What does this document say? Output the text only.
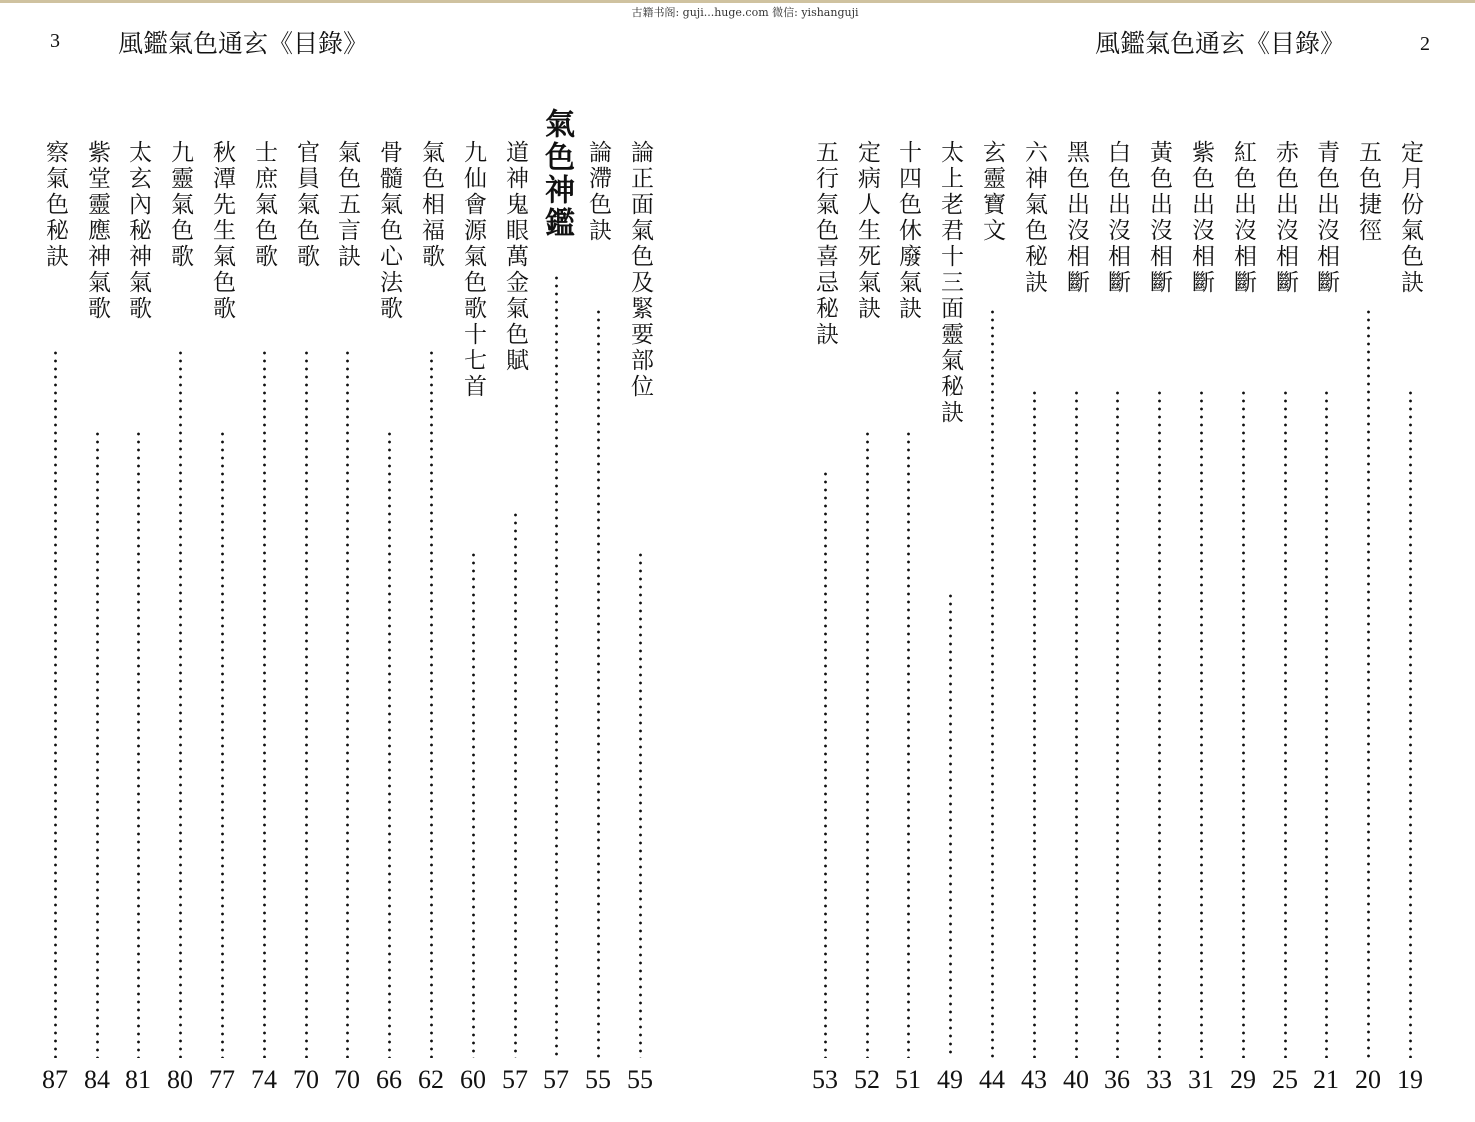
古籍书阁: guji...huge.com 微信: yishanguji
3 風鑑氣色通玄《目錄》	2
風鑑氣色通玄《目錄》
論正面氣色及緊要部位
55
論滯色訣
55
氣色神鑑
57
道神鬼眼萬金氣色賦
57
九仙會源氣色歌十七首
60
氣色相福歌
62
骨髓氣色心法歌
66
氣色五言訣
70
官員氣色歌
70
士庶氣色歌
74
秋潭先生氣色歌
77
九靈氣色歌
80
太玄內秘神氣歌
81
紫堂靈應神氣歌
84
察氣色秘訣
87
定月份氣色訣
19
五色捷徑
20
青色出沒相斷
21
赤色出沒相斷
25
紅色出沒相斷
29
紫色出沒相斷
31
黃色出沒相斷
33
白色出沒相斷
36
黑色出沒相斷
40
六神氣色秘訣
43
玄靈寶文
44
太上老君十三面靈氣秘訣
49
十四色休廢氣訣
51
定病人生死氣訣
52
五行氣色喜忌秘訣
53
